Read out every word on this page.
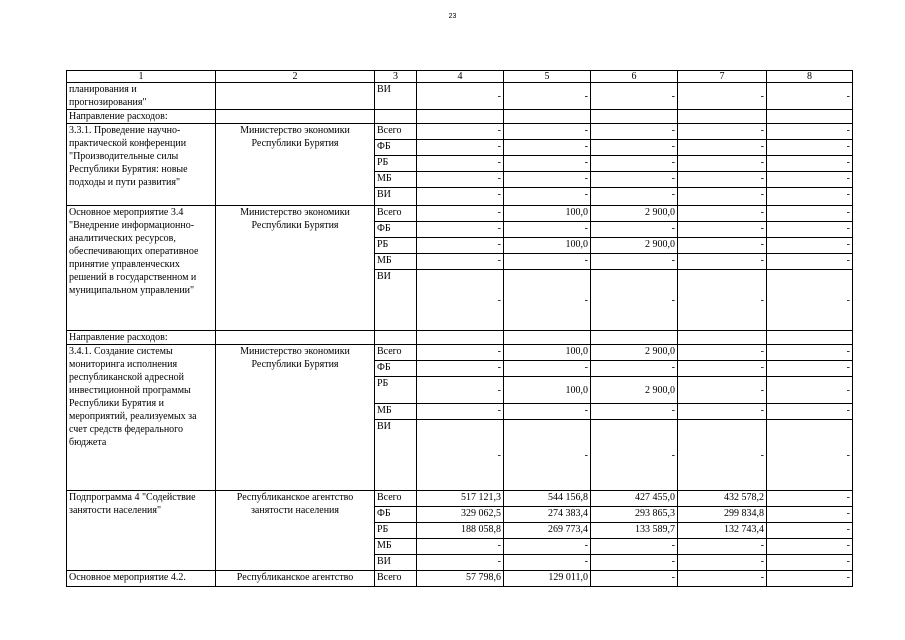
23
1	2	3	4	5	6	7	8
планирования и прогнозирования"		ВИ	-	-	-	-	-
Направление расходов:							
3.3.1. Проведение научно-практической конференции "Производительные силы Республики Бурятия: новые подходы и пути развития"	Министерство экономики Республики Бурятия	Всего	-	-	-	-	-
		ФБ	-	-	-	-	-
		РБ	-	-	-	-	-
		МБ	-	-	-	-	-
		ВИ	-	-	-	-	-
Основное мероприятие 3.4 "Внедрение информационно-аналитических ресурсов, обеспечивающих оперативное принятие управленческих решений в государственном и муниципальном управлении"	Министерство экономики Республики Бурятия	Всего	-	100,0	2 900,0	-	-
		ФБ	-	-	-	-	-
		РБ	-	100,0	2 900,0	-	-
		МБ	-	-	-	-	-
		ВИ	-	-	-	-	-
Направление расходов:							
3.4.1. Создание системы мониторинга исполнения республиканской адресной инвестиционной программы Республики Бурятия и мероприятий, реализуемых за счет средств федерального бюджета	Министерство экономики Республики Бурятия	Всего	-	100,0	2 900,0	-	-
		ФБ	-	-	-	-	-
		РБ	-	100,0	2 900,0	-	-
		МБ	-	-	-	-	-
		ВИ	-	-	-	-	-
Подпрограмма 4 "Содействие занятости населения"	Республиканское агентство занятости населения	Всего	517 121,3	544 156,8	427 455,0	432 578,2	-
		ФБ	329 062,5	274 383,4	293 865,3	299 834,8	-
		РБ	188 058,8	269 773,4	133 589,7	132 743,4	-
		МБ	-	-	-	-	-
		ВИ	-	-	-	-	-
Основное мероприятие 4.2.	Республиканское агентство	Всего	57 798,6	129 011,0	-	-	-
